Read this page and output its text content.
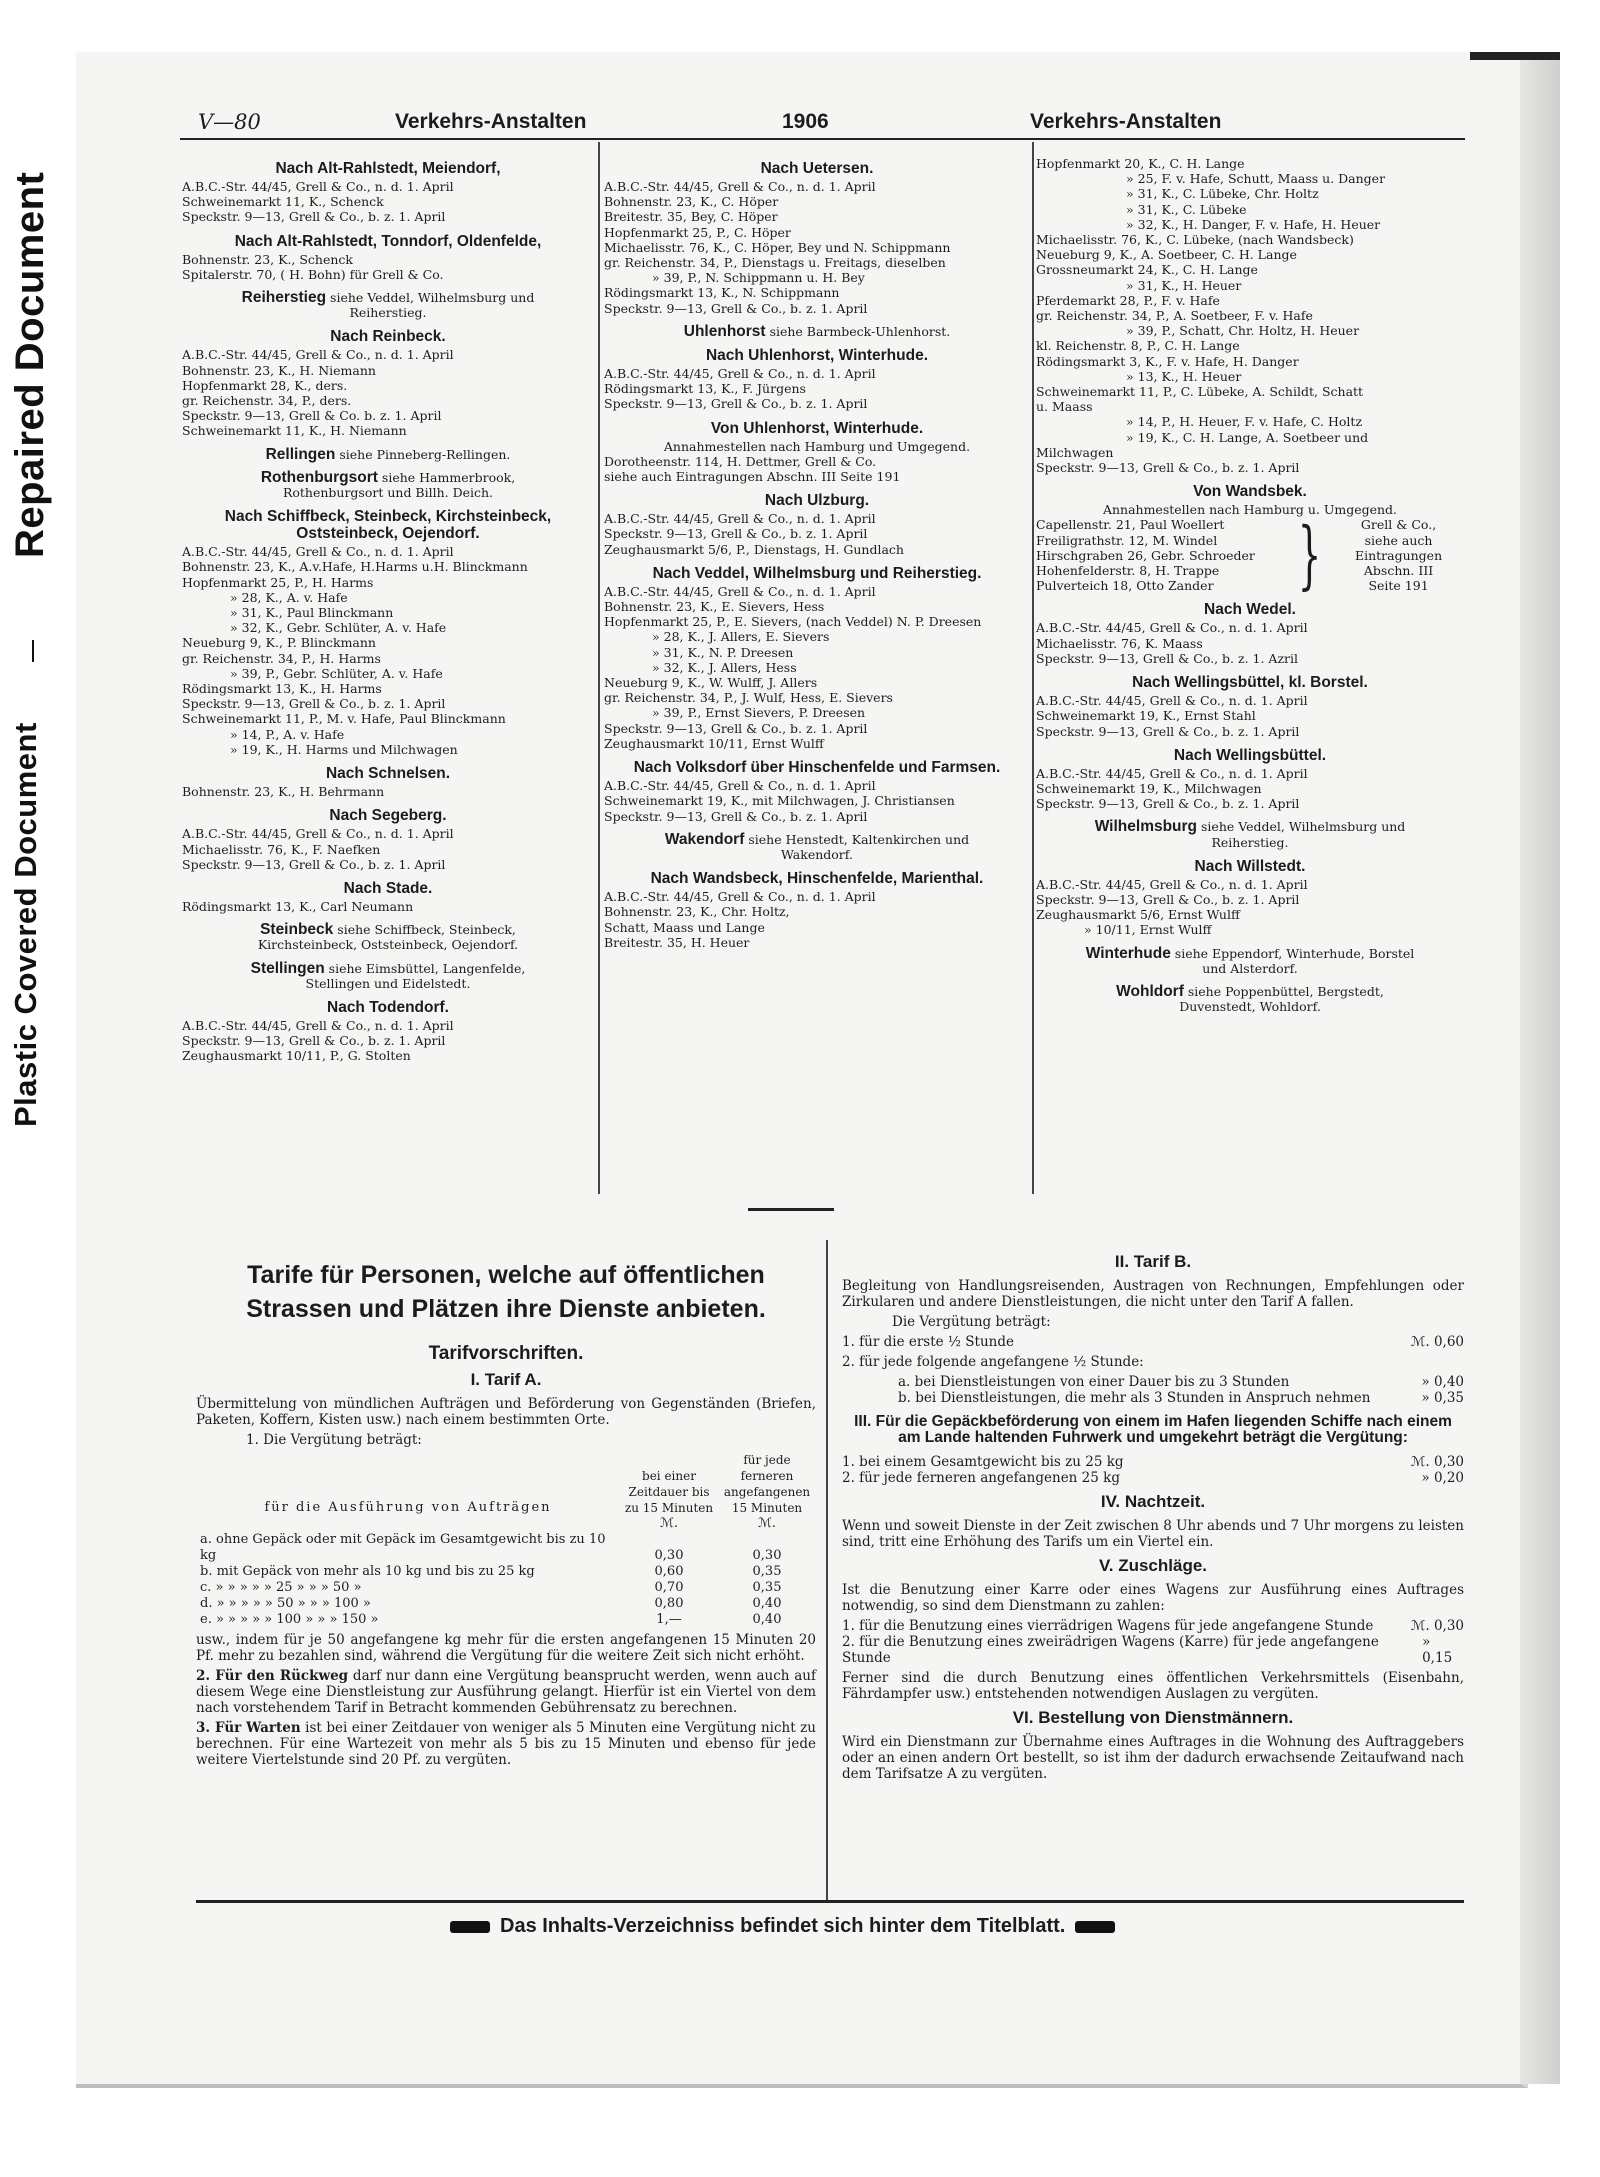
Repaired Document
Plastic Covered Document
V—80	Verkehrs-Anstalten	1906	Verkehrs-Anstalten
Nach Alt-Rahlstedt, Meiendorf,
A.B.C.-Str. 44/45, Grell & Co., n. d. 1. April
Schweinemarkt 11, K., Schenck
Speckstr. 9—13, Grell & Co., b. z. 1. April
Nach Alt-Rahlstedt, Tonndorf, Oldenfelde,
Bohnenstr. 23, K., Schenck
Spitalerstr. 70, ( H. Bohn) für Grell & Co.
Reiherstieg siehe Veddel, Wilhelmsburg und
Reiherstieg.
Nach Reinbeck.
A.B.C.-Str. 44/45, Grell & Co., n. d. 1. April
Bohnenstr. 23, K., H. Niemann
Hopfenmarkt 28, K., ders.
gr. Reichenstr. 34, P., ders.
Speckstr. 9—13, Grell & Co. b. z. 1. April
Schweinemarkt 11, K., H. Niemann
Rellingen siehe Pinneberg-Rellingen.
Rothenburgsort siehe Hammerbrook,
Rothenburgsort und Billh. Deich.
Nach Schiffbeck, Steinbeck, Kirchsteinbeck, Oststeinbeck, Oejendorf.
A.B.C.-Str. 44/45, Grell & Co., n. d. 1. April
Bohnenstr. 23, K., A.v.Hafe, H.Harms u.H. Blinckmann
Hopfenmarkt 25, P., H. Harms
» 28, K., A. v. Hafe
» 31, K., Paul Blinckmann
» 32, K., Gebr. Schlüter, A. v. Hafe
Neueburg 9, K., P. Blinckmann
gr. Reichenstr. 34, P., H. Harms
» 39, P., Gebr. Schlüter, A. v. Hafe
Rödingsmarkt 13, K., H. Harms
Speckstr. 9—13, Grell & Co., b. z. 1. April
Schweinemarkt 11, P., M. v. Hafe, Paul Blinckmann
» 14, P., A. v. Hafe
» 19, K., H. Harms und Milchwagen
Nach Schnelsen.
Bohnenstr. 23, K., H. Behrmann
Nach Segeberg.
A.B.C.-Str. 44/45, Grell & Co., n. d. 1. April
Michaelisstr. 76, K., F. Naefken
Speckstr. 9—13, Grell & Co., b. z. 1. April
Nach Stade.
Rödingsmarkt 13, K., Carl Neumann
Steinbeck siehe Schiffbeck, Steinbeck,
Kirchsteinbeck, Oststeinbeck, Oejendorf.
Stellingen siehe Eimsbüttel, Langenfelde,
Stellingen und Eidelstedt.
Nach Todendorf.
A.B.C.-Str. 44/45, Grell & Co., n. d. 1. April
Speckstr. 9—13, Grell & Co., b. z. 1. April
Zeughausmarkt 10/11, P., G. Stolten
Nach Uetersen.
A.B.C.-Str. 44/45, Grell & Co., n. d. 1. April
Bohnenstr. 23, K., C. Höper
Breitestr. 35, Bey, C. Höper
Hopfenmarkt 25, P., C. Höper
Michaelisstr. 76, K., C. Höper, Bey und N. Schippmann
gr. Reichenstr. 34, P., Dienstags u. Freitags, dieselben
» 39, P., N. Schippmann u. H. Bey
Rödingsmarkt 13, K., N. Schippmann
Speckstr. 9—13, Grell & Co., b. z. 1. April
Uhlenhorst siehe Barmbeck-Uhlenhorst.
Nach Uhlenhorst, Winterhude.
A.B.C.-Str. 44/45, Grell & Co., n. d. 1. April
Rödingsmarkt 13, K., F. Jürgens
Speckstr. 9—13, Grell & Co., b. z. 1. April
Von Uhlenhorst, Winterhude.
Annahmestellen nach Hamburg und Umgegend.
Dorotheenstr. 114, H. Dettmer, Grell & Co.
siehe auch Eintragungen Abschn. III Seite 191
Nach Ulzburg.
A.B.C.-Str. 44/45, Grell & Co., n. d. 1. April
Speckstr. 9—13, Grell & Co., b. z. 1. April
Zeughausmarkt 5/6, P., Dienstags, H. Gundlach
Nach Veddel, Wilhelmsburg und Reiherstieg.
A.B.C.-Str. 44/45, Grell & Co., n. d. 1. April
Bohnenstr. 23, K., E. Sievers, Hess
Hopfenmarkt 25, P., E. Sievers, (nach Veddel) N. P. Dreesen
» 28, K., J. Allers, E. Sievers
» 31, K., N. P. Dreesen
» 32, K., J. Allers, Hess
Neueburg 9, K., W. Wulff, J. Allers
gr. Reichenstr. 34, P., J. Wulf, Hess, E. Sievers
» 39, P., Ernst Sievers, P. Dreesen
Speckstr. 9—13, Grell & Co., b. z. 1. April
Zeughausmarkt 10/11, Ernst Wulff
Nach Volksdorf über Hinschenfelde und Farmsen.
A.B.C.-Str. 44/45, Grell & Co., n. d. 1. April
Schweinemarkt 19, K., mit Milchwagen, J. Christiansen
Speckstr. 9—13, Grell & Co., b. z. 1. April
Wakendorf siehe Henstedt, Kaltenkirchen und
Wakendorf.
Nach Wandsbeck, Hinschenfelde, Marienthal.
A.B.C.-Str. 44/45, Grell & Co., n. d. 1. April
Bohnenstr. 23, K., Chr. Holtz,
Schatt, Maass und Lange
Breitestr. 35, H. Heuer
Hopfenmarkt 20, K., C. H. Lange
» 25, F. v. Hafe, Schutt, Maass u. Danger
» 31, K., C. Lübeke, Chr. Holtz
» 31, K., C. Lübeke
» 32, K., H. Danger, F. v. Hafe, H. Heuer
Michaelisstr. 76, K., C. Lübeke, (nach Wandsbeck)
Neueburg 9, K., A. Soetbeer, C. H. Lange
Grossneumarkt 24, K., C. H. Lange
» 31, K., H. Heuer
Pferdemarkt 28, P., F. v. Hafe
gr. Reichenstr. 34, P., A. Soetbeer, F. v. Hafe
» 39, P., Schatt, Chr. Holtz, H. Heuer
kl. Reichenstr. 8, P., C. H. Lange
Rödingsmarkt 3, K., F. v. Hafe, H. Danger
» 13, K., H. Heuer
Schweinemarkt 11, P., C. Lübeke, A. Schildt, Schatt
u. Maass
» 14, P., H. Heuer, F. v. Hafe, C. Holtz
» 19, K., C. H. Lange, A. Soetbeer und
Milchwagen
Speckstr. 9—13, Grell & Co., b. z. 1. April
Von Wandsbek.
Annahmestellen nach Hamburg u. Umgegend.
Capellenstr. 21, Paul Woellert
Freiligrathstr. 12, M. Windel
Hirschgraben 26, Gebr. Schroeder
Hohenfelderstr. 8, H. Trappe
Pulverteich 18, Otto Zander	}	Grell & Co.,
siehe auch
Eintragungen
Abschn. III
Seite 191
Nach Wedel.
A.B.C.-Str. 44/45, Grell & Co., n. d. 1. April
Michaelisstr. 76, K. Maass
Speckstr. 9—13, Grell & Co., b. z. 1. Azril
Nach Wellingsbüttel, kl. Borstel.
A.B.C.-Str. 44/45, Grell & Co., n. d. 1. April
Schweinemarkt 19, K., Ernst Stahl
Speckstr. 9—13, Grell & Co., b. z. 1. April
Nach Wellingsbüttel.
A.B.C.-Str. 44/45, Grell & Co., n. d. 1. April
Schweinemarkt 19, K., Milchwagen
Speckstr. 9—13, Grell & Co., b. z. 1. April
Wilhelmsburg siehe Veddel, Wilhelmsburg und
Reiherstieg.
Nach Willstedt.
A.B.C.-Str. 44/45, Grell & Co., n. d. 1. April
Speckstr. 9—13, Grell & Co., b. z. 1. April
Zeughausmarkt 5/6, Ernst Wulff
» 10/11, Ernst Wulff
Winterhude siehe Eppendorf, Winterhude, Borstel
und Alsterdorf.
Wohldorf siehe Poppenbüttel, Bergstedt,
Duvenstedt, Wohldorf.
Tarife für Personen, welche auf öffentlichen Strassen und Plätzen ihre Dienste anbieten.
Tarifvorschriften.
I. Tarif A.
Übermittelung von mündlichen Aufträgen und Beförderung von Gegenständen (Briefen, Paketen, Koffern, Kisten usw.) nach einem bestimmten Orte.
1. Die Vergütung beträgt:
für die Ausführung von Aufträgen	bei einer Zeitdauer bis zu 15 Minuten	für jede ferneren angefangenen 15 Minuten
	ℳ.	ℳ.
a. ohne Gepäck oder mit Gepäck im Gesamtgewicht bis zu 10 kg	0,30	0,30
b. mit Gepäck von mehr als 10 kg und bis zu 25 kg	0,60	0,35
c. » » » » » 25 » » » 50 »	0,70	0,35
d. » » » » » 50 » » » 100 »	0,80	0,40
e. » » » » » 100 » » » 150 »	1,—	0,40
usw., indem für je 50 angefangene kg mehr für die ersten angefangenen 15 Minuten 20 Pf. mehr zu bezahlen sind, während die Vergütung für die weitere Zeit sich nicht erhöht.
2. Für den Rückweg darf nur dann eine Vergütung beansprucht werden, wenn auch auf diesem Wege eine Dienstleistung zur Ausführung gelangt. Hierfür ist ein Viertel von dem nach vorstehendem Tarif in Betracht kommenden Gebührensatz zu berechnen.
3. Für Warten ist bei einer Zeitdauer von weniger als 5 Minuten eine Vergütung nicht zu berechnen. Für eine Wartezeit von mehr als 5 bis zu 15 Minuten und ebenso für jede weitere Viertelstunde sind 20 Pf. zu vergüten.
II. Tarif B.
Begleitung von Handlungsreisenden, Austragen von Rechnungen, Empfehlungen oder Zirkularen und andere Dienstleistungen, die nicht unter den Tarif A fallen.
Die Vergütung beträgt:
1. für die erste ½ Stunde	ℳ. 0,60
2. für jede folgende angefangene ½ Stunde:
a. bei Dienstleistungen von einer Dauer bis zu 3 Stunden	» 0,40
b. bei Dienstleistungen, die mehr als 3 Stunden in Anspruch nehmen	» 0,35
III. Für die Gepäckbeförderung von einem im Hafen liegenden Schiffe nach einem am Lande haltenden Fuhrwerk und umgekehrt beträgt die Vergütung:
1. bei einem Gesamtgewicht bis zu 25 kg	ℳ. 0,30
2. für jede ferneren angefangenen 25 kg	» 0,20
IV. Nachtzeit.
Wenn und soweit Dienste in der Zeit zwischen 8 Uhr abends und 7 Uhr morgens zu leisten sind, tritt eine Erhöhung des Tarifs um ein Viertel ein.
V. Zuschläge.
Ist die Benutzung einer Karre oder eines Wagens zur Ausführung eines Auftrages notwendig, so sind dem Dienstmann zu zahlen:
1. für die Benutzung eines vierrädrigen Wagens für jede angefangene Stunde	ℳ. 0,30
2. für die Benutzung eines zweirädrigen Wagens (Karre) für jede angefangene Stunde
» 0,15
Ferner sind die durch Benutzung eines öffentlichen Verkehrsmittels (Eisenbahn, Fährdampfer usw.) entstehenden notwendigen Auslagen zu vergüten.
VI. Bestellung von Dienstmännern.
Wird ein Dienstmann zur Übernahme eines Auftrages in die Wohnung des Auftraggebers oder an einen andern Ort bestellt, so ist ihm der dadurch erwachsende Zeitaufwand nach dem Tarifsatze A zu vergüten.
Das Inhalts-Verzeichniss befindet sich hinter dem Titelblatt.
